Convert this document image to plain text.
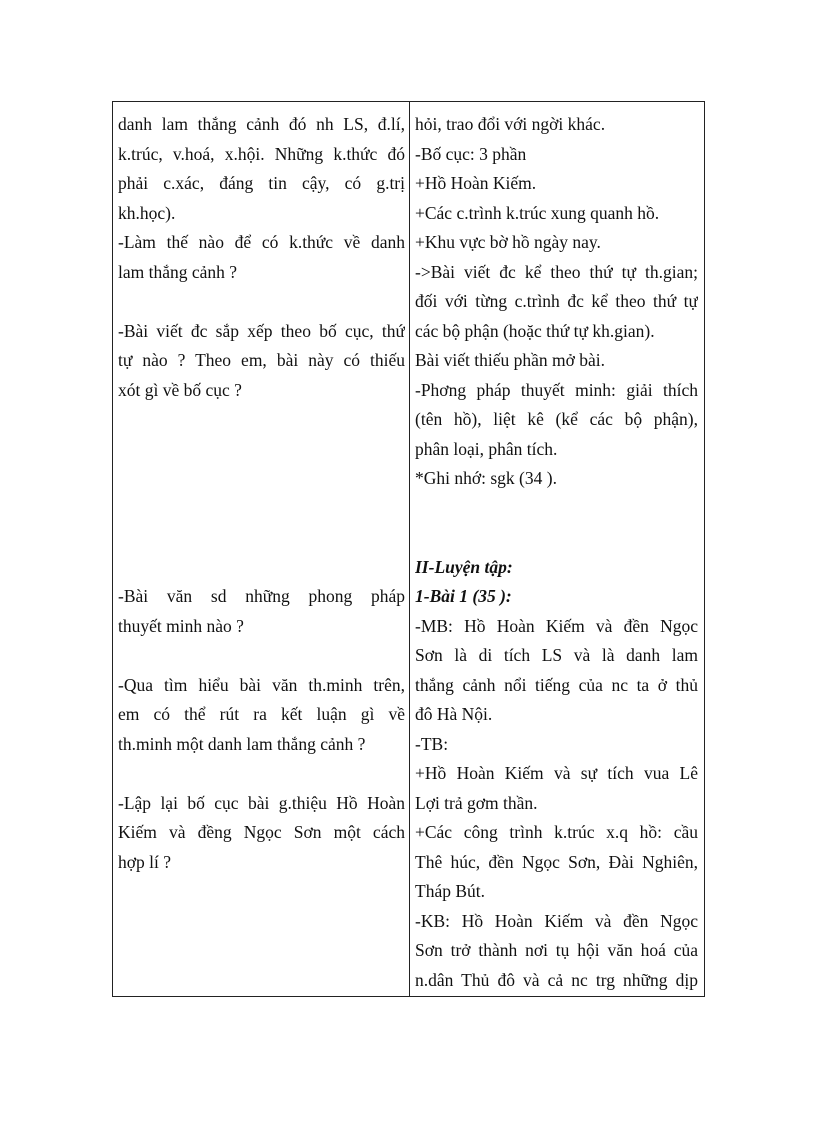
danh lam thắng cảnh đó nh LS, đ.lí,
k.trúc, v.hoá, x.hội. Những k.thức đó
phải c.xác, đáng tin cậy, có g.trị
kh.học).
-Làm thế nào để có k.thức về danh
lam thắng cảnh ?
-Bài viết đc sắp xếp theo bố cục, thứ
tự nào ? Theo em, bài này có thiếu
xót gì về bố cục ?
-Bài văn sd những phong pháp
thuyết minh nào ?
-Qua tìm hiểu bài văn th.minh trên,
em có thể rút ra kết luận gì về
th.minh một danh lam thắng cảnh ?
-Lập lại bố cục bài g.thiệu Hồ Hoàn
Kiếm và đềng Ngọc Sơn một cách
hợp lí ?
hỏi, trao đổi với ngời khác.
-Bố cục: 3 phần
+Hồ Hoàn Kiếm.
+Các c.trình k.trúc xung quanh hồ.
+Khu vực bờ hồ ngày nay.
->Bài viết đc kể theo thứ tự th.gian;
đối với từng c.trình đc kể theo thứ tự
các bộ phận (hoặc thứ tự kh.gian).
Bài viết thiếu phần mở bài.
-Phơng pháp thuyết minh: giải thích
(tên hồ), liệt kê (kể các bộ phận),
phân loại, phân tích.
*Ghi nhớ: sgk (34 ).
II-Luyện tập:
1-Bài 1 (35 ):
-MB: Hồ Hoàn Kiếm và đền Ngọc
Sơn là di tích LS và là danh lam
thắng cảnh nổi tiếng của nc ta ở thủ
đô Hà Nội.
-TB:
+Hồ Hoàn Kiếm và sự tích vua Lê
Lợi trả gơm thần.
+Các công trình k.trúc x.q hồ: cầu
Thê húc, đền Ngọc Sơn, Đài Nghiên,
Tháp Bút.
-KB: Hồ Hoàn Kiếm và đền Ngọc
Sơn trở thành nơi tụ hội văn hoá của
n.dân Thủ đô và cả nc trg những dịp
